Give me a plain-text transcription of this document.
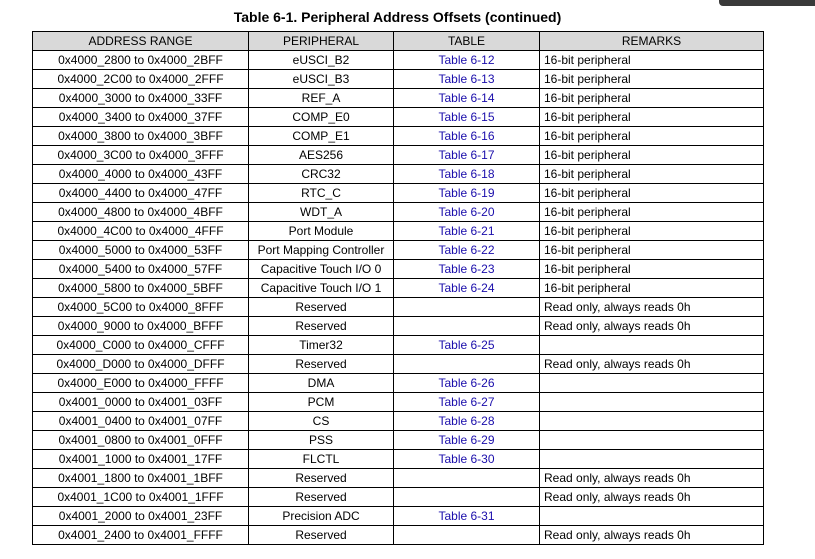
Table 6-1. Peripheral Address Offsets (continued)
ADDRESS RANGE	PERIPHERAL	TABLE	REMARKS
0x4000_2800 to 0x4000_2BFF	eUSCI_B2	Table 6-12	16-bit peripheral
0x4000_2C00 to 0x4000_2FFF	eUSCI_B3	Table 6-13	16-bit peripheral
0x4000_3000 to 0x4000_33FF	REF_A	Table 6-14	16-bit peripheral
0x4000_3400 to 0x4000_37FF	COMP_E0	Table 6-15	16-bit peripheral
0x4000_3800 to 0x4000_3BFF	COMP_E1	Table 6-16	16-bit peripheral
0x4000_3C00 to 0x4000_3FFF	AES256	Table 6-17	16-bit peripheral
0x4000_4000 to 0x4000_43FF	CRC32	Table 6-18	16-bit peripheral
0x4000_4400 to 0x4000_47FF	RTC_C	Table 6-19	16-bit peripheral
0x4000_4800 to 0x4000_4BFF	WDT_A	Table 6-20	16-bit peripheral
0x4000_4C00 to 0x4000_4FFF	Port Module	Table 6-21	16-bit peripheral
0x4000_5000 to 0x4000_53FF	Port Mapping Controller	Table 6-22	16-bit peripheral
0x4000_5400 to 0x4000_57FF	Capacitive Touch I/O 0	Table 6-23	16-bit peripheral
0x4000_5800 to 0x4000_5BFF	Capacitive Touch I/O 1	Table 6-24	16-bit peripheral
0x4000_5C00 to 0x4000_8FFF	Reserved		Read only, always reads 0h
0x4000_9000 to 0x4000_BFFF	Reserved		Read only, always reads 0h
0x4000_C000 to 0x4000_CFFF	Timer32	Table 6-25	
0x4000_D000 to 0x4000_DFFF	Reserved		Read only, always reads 0h
0x4000_E000 to 0x4000_FFFF	DMA	Table 6-26	
0x4001_0000 to 0x4001_03FF	PCM	Table 6-27	
0x4001_0400 to 0x4001_07FF	CS	Table 6-28	
0x4001_0800 to 0x4001_0FFF	PSS	Table 6-29	
0x4001_1000 to 0x4001_17FF	FLCTL	Table 6-30	
0x4001_1800 to 0x4001_1BFF	Reserved		Read only, always reads 0h
0x4001_1C00 to 0x4001_1FFF	Reserved		Read only, always reads 0h
0x4001_2000 to 0x4001_23FF	Precision ADC	Table 6-31	
0x4001_2400 to 0x4001_FFFF	Reserved		Read only, always reads 0h
